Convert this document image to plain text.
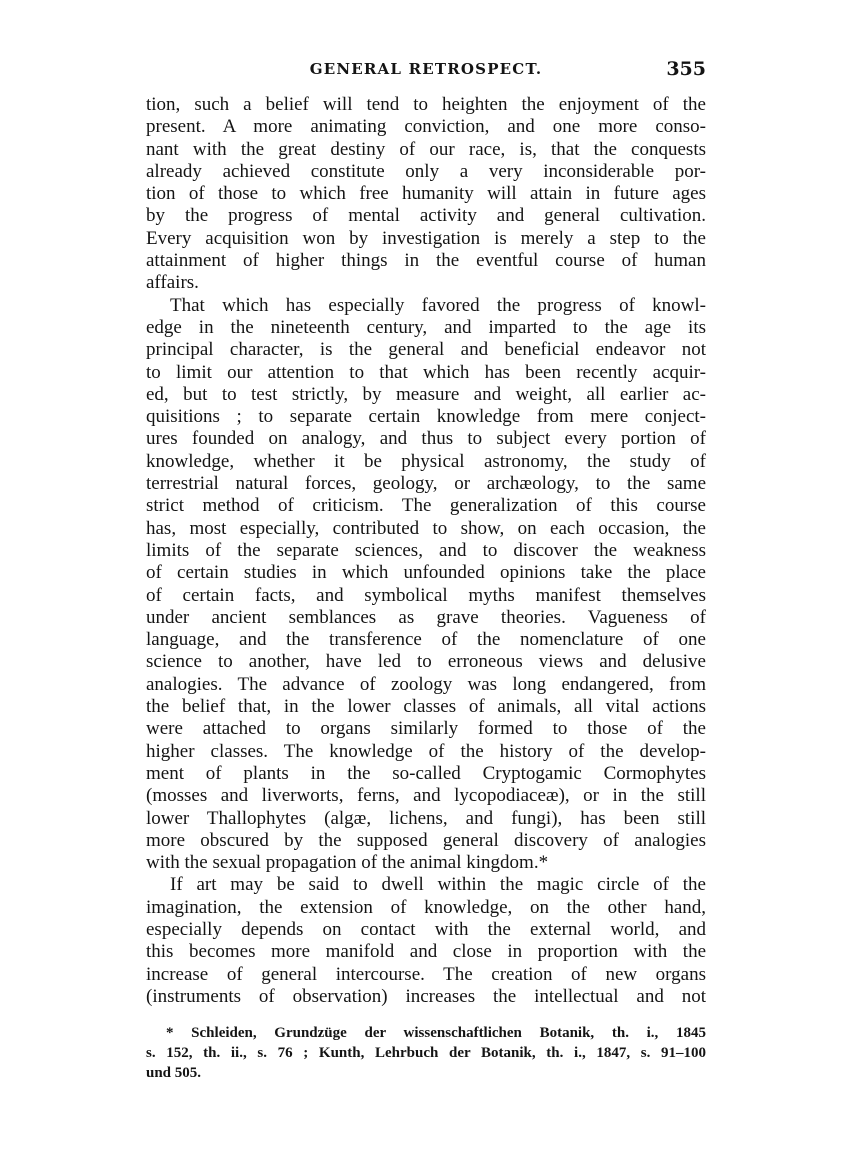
GENERAL RETROSPECT.	355
tion, such a belief will tend to heighten the enjoyment of the
present. A more animating conviction, and one more conso-
nant with the great destiny of our race, is, that the conquests
already achieved constitute only a very inconsiderable por-
tion of those to which free humanity will attain in future ages
by the progress of mental activity and general cultivation.
Every acquisition won by investigation is merely a step to the
attainment of higher things in the eventful course of human
affairs.
That which has especially favored the progress of knowl-
edge in the nineteenth century, and imparted to the age its
principal character, is the general and beneficial endeavor not
to limit our attention to that which has been recently acquir-
ed, but to test strictly, by measure and weight, all earlier ac-
quisitions ; to separate certain knowledge from mere conject-
ures founded on analogy, and thus to subject every portion of
knowledge, whether it be physical astronomy, the study of
terrestrial natural forces, geology, or archæology, to the same
strict method of criticism. The generalization of this course
has, most especially, contributed to show, on each occasion, the
limits of the separate sciences, and to discover the weakness
of certain studies in which unfounded opinions take the place
of certain facts, and symbolical myths manifest themselves
under ancient semblances as grave theories. Vagueness of
language, and the transference of the nomenclature of one
science to another, have led to erroneous views and delusive
analogies. The advance of zoology was long endangered, from
the belief that, in the lower classes of animals, all vital actions
were attached to organs similarly formed to those of the
higher classes. The knowledge of the history of the develop-
ment of plants in the so-called Cryptogamic Cormophytes
(mosses and liverworts, ferns, and lycopodiaceæ), or in the still
lower Thallophytes (algæ, lichens, and fungi), has been still
more obscured by the supposed general discovery of analogies
with the sexual propagation of the animal kingdom.*
If art may be said to dwell within the magic circle of the
imagination, the extension of knowledge, on the other hand,
especially depends on contact with the external world, and
this becomes more manifold and close in proportion with the
increase of general intercourse. The creation of new organs
(instruments of observation) increases the intellectual and not
* Schleiden, Grundzüge der wissenschaftlichen Botanik, th. i., 1845
s. 152, th. ii., s. 76 ; Kunth, Lehrbuch der Botanik, th. i., 1847, s. 91–100
und 505.
